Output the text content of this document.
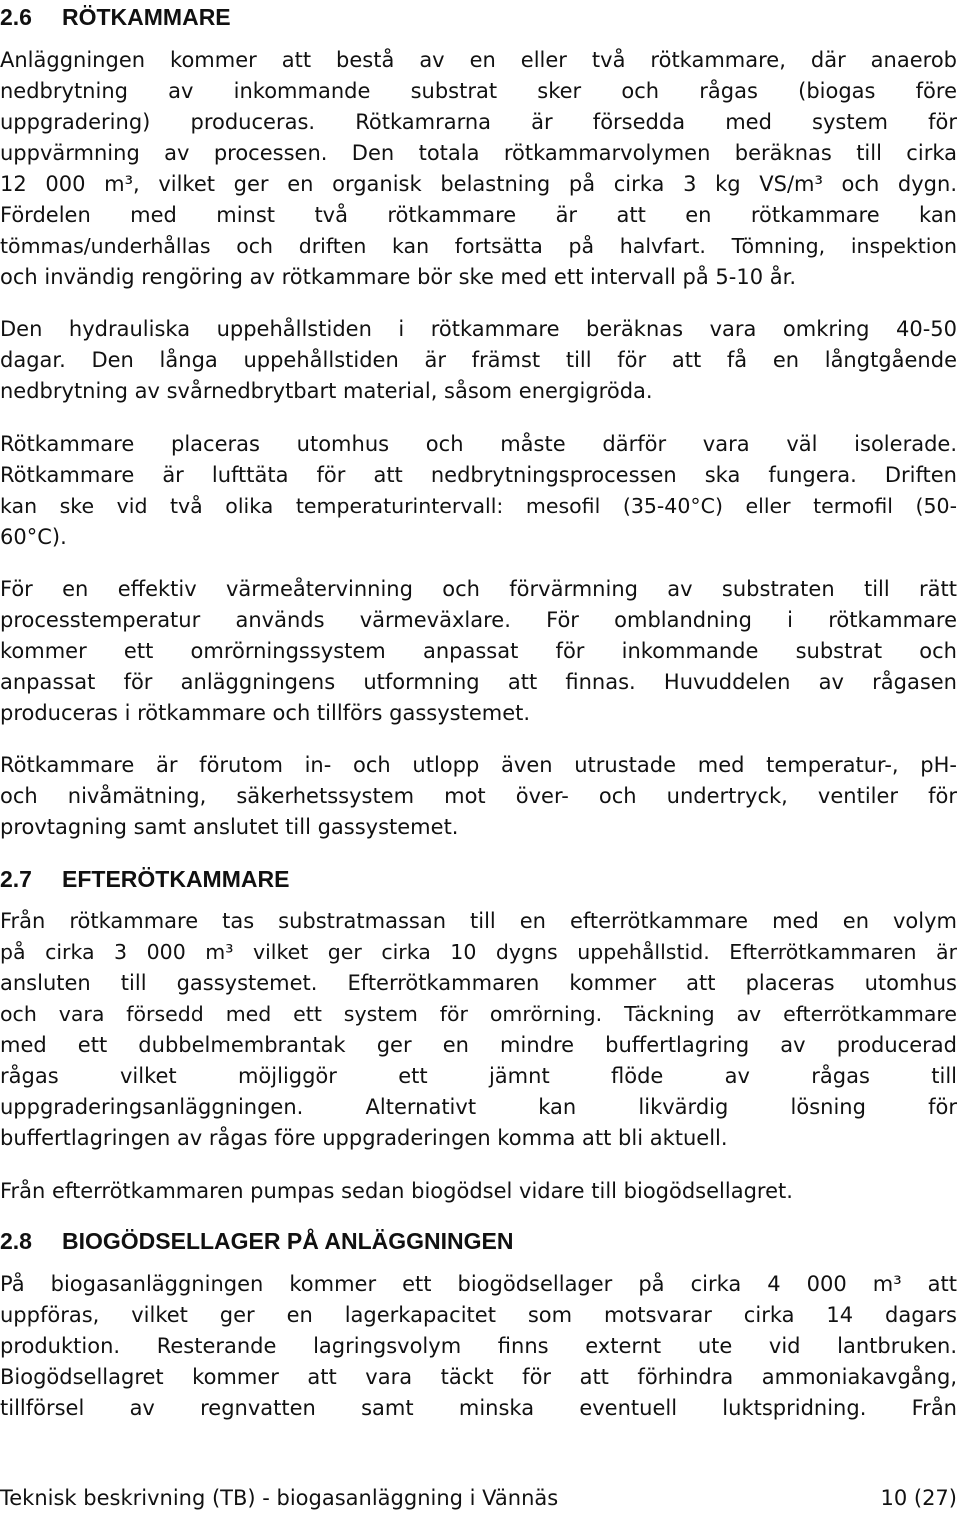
2.6 RÖTKAMMARE
Anläggningen kommer att bestå av en eller två rötkammare, där anaerob
nedbrytning av inkommande substrat sker och rågas (biogas före
uppgradering) produceras. Rötkamrarna är försedda med system för
uppvärmning av processen. Den totala rötkammarvolymen beräknas till cirka
12 000 m³, vilket ger en organisk belastning på cirka 3 kg VS/m³ och dygn.
Fördelen med minst två rötkammare är att en rötkammare kan
tömmas/underhållas och driften kan fortsätta på halvfart. Tömning, inspektion
och invändig rengöring av rötkammare bör ske med ett intervall på 5-10 år.
Den hydrauliska uppehållstiden i rötkammare beräknas vara omkring 40-50
dagar. Den långa uppehållstiden är främst till för att få en långtgående
nedbrytning av svårnedbrytbart material, såsom energigröda.
Rötkammare placeras utomhus och måste därför vara väl isolerade.
Rötkammare är lufttäta för att nedbrytningsprocessen ska fungera. Driften
kan ske vid två olika temperaturintervall: mesofil (35-40°C) eller termofil (50-
60°C).
För en effektiv värmeåtervinning och förvärmning av substraten till rätt
processtemperatur används värmeväxlare. För omblandning i rötkammare
kommer ett omrörningssystem anpassat för inkommande substrat och
anpassat för anläggningens utformning att finnas. Huvuddelen av rågasen
produceras i rötkammare och tillförs gassystemet.
Rötkammare är förutom in- och utlopp även utrustade med temperatur-, pH-
och nivåmätning, säkerhetssystem mot över- och undertryck, ventiler för
provtagning samt anslutet till gassystemet.
2.7 EFTERÖTKAMMARE
Från rötkammare tas substratmassan till en efterrötkammare med en volym
på cirka 3 000 m³ vilket ger cirka 10 dygns uppehållstid. Efterrötkammaren är
ansluten till gassystemet. Efterrötkammaren kommer att placeras utomhus
och vara försedd med ett system för omrörning. Täckning av efterrötkammare
med ett dubbelmembrantak ger en mindre buffertlagring av producerad
rågas vilket möjliggör ett jämnt flöde av rågas till
uppgraderingsanläggningen. Alternativt kan likvärdig lösning för
buffertlagringen av rågas före uppgraderingen komma att bli aktuell.
Från efterrötkammaren pumpas sedan biogödsel vidare till biogödsellagret.
2.8 BIOGÖDSELLAGER PÅ ANLÄGGNINGEN
På biogasanläggningen kommer ett biogödsellager på cirka 4 000 m³ att
uppföras, vilket ger en lagerkapacitet som motsvarar cirka 14 dagars
produktion. Resterande lagringsvolym finns externt ute vid lantbruken.
Biogödsellagret kommer att vara täckt för att förhindra ammoniakavgång,
tillförsel av regnvatten samt minska eventuell luktspridning. Från
Teknisk beskrivning (TB) - biogasanläggning i Vännäs	10 (27)
